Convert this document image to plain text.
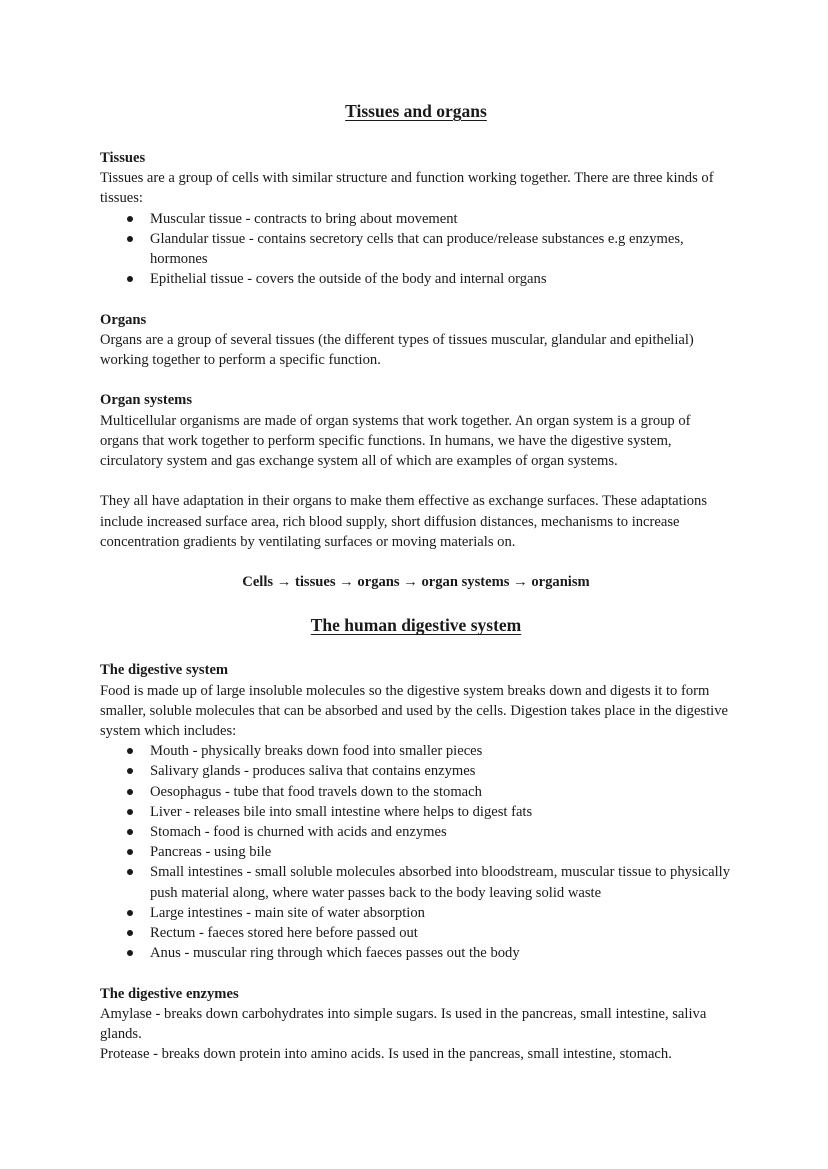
Tissues and organs
Tissues

Tissues are a group of cells with similar structure and function working together. There are three kinds of tissues:

Muscular tissue - contracts to bring about movement
Glandular tissue - contains secretory cells that can produce/release substances e.g enzymes, hormones
Epithelial tissue - covers the outside of the body and internal organs
Organs

Organs are a group of several tissues (the different types of tissues muscular, glandular and epithelial) working together to perform a specific function.

Organ systems

Multicellular organisms are made of organ systems that work together. An organ system is a group of organs that work together to perform specific functions. In humans, we have the digestive system, circulatory system and gas exchange system all of which are examples of organ systems.

They all have adaptation in their organs to make them effective as exchange surfaces. These adaptations include increased surface area, rich blood supply, short diffusion distances, mechanisms to increase concentration gradients by ventilating surfaces or moving materials on.

Cells → tissues → organs → organ systems → organism

The human digestive system
The digestive system

Food is made up of large insoluble molecules so the digestive system breaks down and digests it to form smaller, soluble molecules that can be absorbed and used by the cells. Digestion takes place in the digestive system which includes:

Mouth - physically breaks down food into smaller pieces
Salivary glands - produces saliva that contains enzymes
Oesophagus - tube that food travels down to the stomach
Liver - releases bile into small intestine where helps to digest fats
Stomach - food is churned with acids and enzymes
Pancreas - using bile
Small intestines - small soluble molecules absorbed into bloodstream, muscular tissue to physically push material along, where water passes back to the body leaving solid waste
Large intestines - main site of water absorption
Rectum - faeces stored here before passed out
Anus - muscular ring through which faeces passes out the body
The digestive enzymes

Amylase - breaks down carbohydrates into simple sugars. Is used in the pancreas, small intestine, saliva glands.

Protease - breaks down protein into amino acids. Is used in the pancreas, small intestine, stomach.
